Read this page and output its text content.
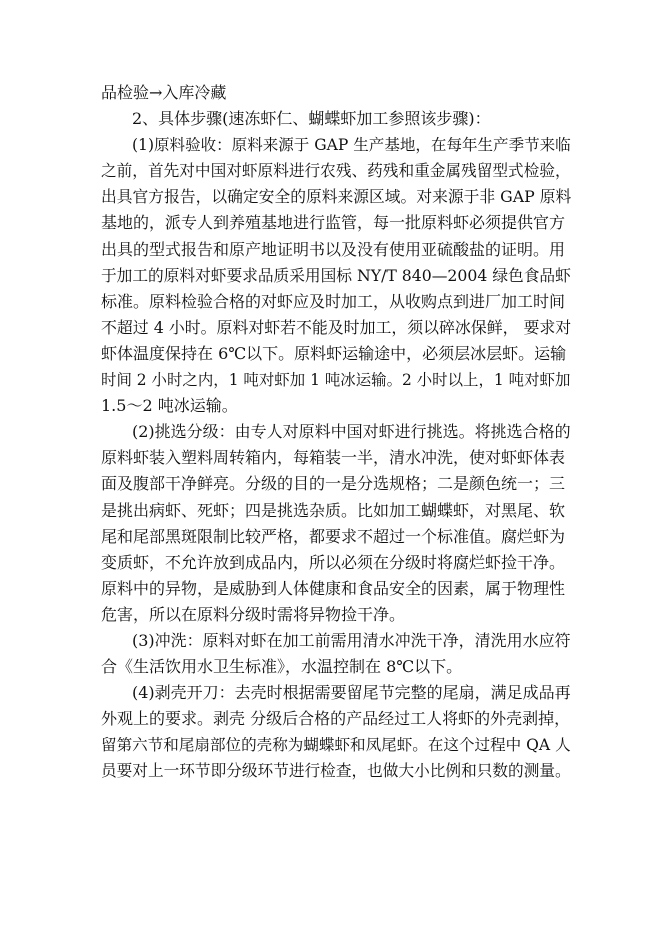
品检验→入库冷藏
2、具体步骤(速冻虾仁、蝴蝶虾加工参照该步骤)：
(1)原料验收：原料来源于 GAP 生产基地，在每年生产季节来临
之前，首先对中国对虾原料进行农残、药残和重金属残留型式检验，
出具官方报告，以确定安全的原料来源区域。对来源于非 GAP 原料
基地的，派专人到养殖基地进行监管，每一批原料虾必须提供官方
出具的型式报告和原产地证明书以及没有使用亚硫酸盐的证明。用
于加工的原料对虾要求品质采用国标 NY/T 840—2004 绿色食品虾
标准。原料检验合格的对虾应及时加工，从收购点到进厂加工时间
不超过 4 小时。原料对虾若不能及时加工，须以碎冰保鲜， 要求对
虾体温度保持在 6℃以下。原料虾运输途中，必须层冰层虾。运输
时间 2 小时之内，1 吨对虾加 1 吨冰运输。2 小时以上，1 吨对虾加
1.5～2 吨冰运输。
(2)挑选分级：由专人对原料中国对虾进行挑选。将挑选合格的
原料虾装入塑料周转箱内，每箱装一半，清水冲洗，使对虾虾体表
面及腹部干净鲜亮。分级的目的一是分选规格；二是颜色统一；三
是挑出病虾、死虾；四是挑选杂质。比如加工蝴蝶虾，对黑尾、软
尾和尾部黑斑限制比较严格，都要求不超过一个标准值。腐烂虾为
变质虾，不允许放到成品内，所以必须在分级时将腐烂虾捡干净。
原料中的异物，是威胁到人体健康和食品安全的因素，属于物理性
危害，所以在原料分级时需将异物捡干净。
(3)冲洗：原料对虾在加工前需用清水冲洗干净，清洗用水应符
合《生活饮用水卫生标准》，水温控制在 8℃以下。
(4)剥壳开刀：去壳时根据需要留尾节完整的尾扇，满足成品再
外观上的要求。剥壳 分级后合格的产品经过工人将虾的外壳剥掉，
留第六节和尾扇部位的壳称为蝴蝶虾和凤尾虾。在这个过程中 QA 人
员要对上一环节即分级环节进行检查，也做大小比例和只数的测量。
